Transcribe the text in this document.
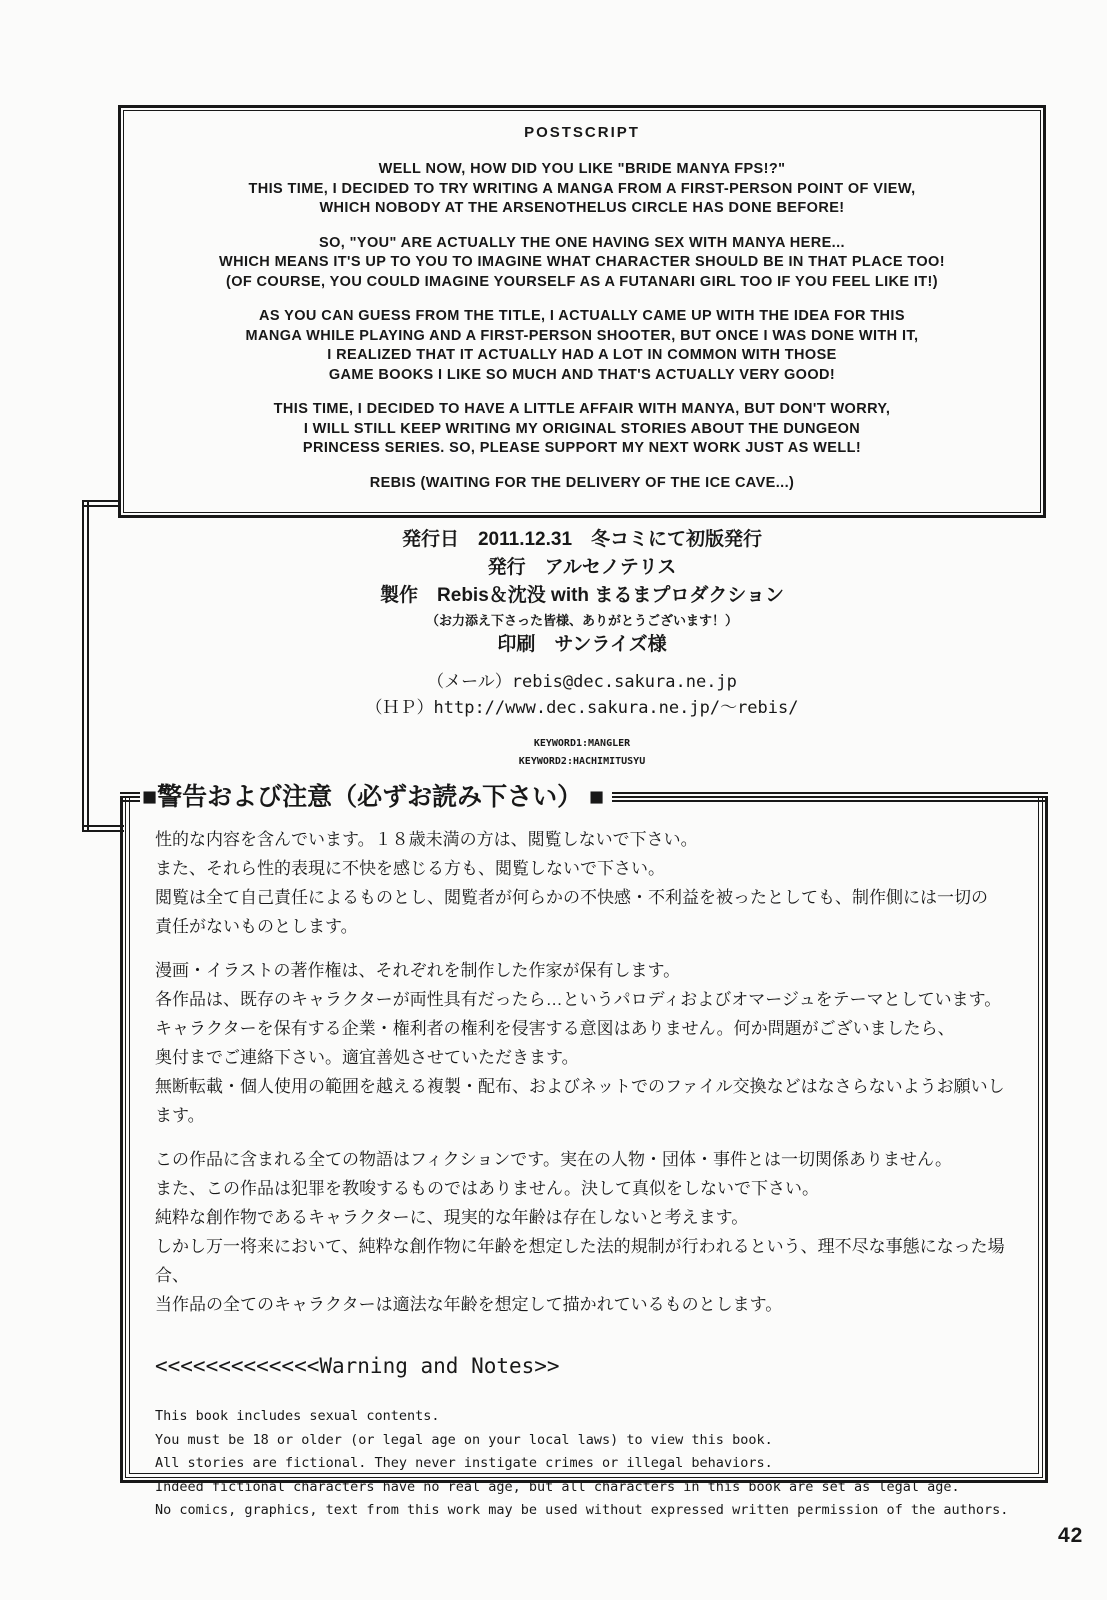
POSTSCRIPT

WELL NOW, HOW DID YOU LIKE "BRIDE MANYA FPS!?"
THIS TIME, I DECIDED TO TRY WRITING A MANGA FROM A FIRST-PERSON POINT OF VIEW,
WHICH NOBODY AT THE ARSENOTHELUS CIRCLE HAS DONE BEFORE!

SO, "YOU" ARE ACTUALLY THE ONE HAVING SEX WITH MANYA HERE...
WHICH MEANS IT'S UP TO YOU TO IMAGINE WHAT CHARACTER SHOULD BE IN THAT PLACE TOO!
(OF COURSE, YOU COULD IMAGINE YOURSELF AS A FUTANARI GIRL TOO IF YOU FEEL LIKE IT!)

AS YOU CAN GUESS FROM THE TITLE, I ACTUALLY CAME UP WITH THE IDEA FOR THIS
MANGA WHILE PLAYING AND A FIRST-PERSON SHOOTER, BUT ONCE I WAS DONE WITH IT,
I REALIZED THAT IT ACTUALLY HAD A LOT IN COMMON WITH THOSE
GAME BOOKS I LIKE SO MUCH AND THAT'S ACTUALLY VERY GOOD!

THIS TIME, I DECIDED TO HAVE A LITTLE AFFAIR WITH MANYA, BUT DON'T WORRY,
I WILL STILL KEEP WRITING MY ORIGINAL STORIES ABOUT THE DUNGEON
PRINCESS SERIES. SO, PLEASE SUPPORT MY NEXT WORK JUST AS WELL!

REBIS (WAITING FOR THE DELIVERY OF THE ICE CAVE...)

発行日　2011.12.31　冬コミにて初版発行
発行　アルセノテリス
製作　Rebis＆沈没 with まるまプロダクション
（お力添え下さった皆様、ありがとうございます！）
印刷　サンライズ様
（メール）rebis@dec.sakura.ne.jp
（ＨＰ）http://www.dec.sakura.ne.jp/～rebis/
KEYWORD1:MANGLER
KEYWORD2:HACHIMITUSYU
■警告および注意（必ずお読み下さい） ■

性的な内容を含んでいます。１８歳未満の方は、閲覧しないで下さい。
また、それら性的表現に不快を感じる方も、閲覧しないで下さい。
閲覧は全て自己責任によるものとし、閲覧者が何らかの不快感・不利益を被ったとしても、制作側には一切の
責任がないものとします。

漫画・イラストの著作権は、それぞれを制作した作家が保有します。
各作品は、既存のキャラクターが両性具有だったら…というパロディおよびオマージュをテーマとしています。
キャラクターを保有する企業・権利者の権利を侵害する意図はありません。何か問題がございましたら、
奥付までご連絡下さい。適宜善処させていただきます。
無断転載・個人使用の範囲を越える複製・配布、およびネットでのファイル交換などはなさらないようお願いします。

この作品に含まれる全ての物語はフィクションです。実在の人物・団体・事件とは一切関係ありません。
また、この作品は犯罪を教唆するものではありません。決して真似をしないで下さい。
純粋な創作物であるキャラクターに、現実的な年齢は存在しないと考えます。
しかし万一将来において、純粋な創作物に年齢を想定した法的規制が行われるという、理不尽な事態になった場合、
当作品の全てのキャラクターは適法な年齢を想定して描かれているものとします。

<<<<<<<<<<<<<Warning and Notes>>
This book includes sexual contents.
You must be 18 or older (or legal age on your local laws) to view this book.
All stories are fictional. They never instigate crimes or illegal behaviors.
Indeed fictional characters have no real age, but all characters in this book are set as legal age.
No comics, graphics, text from this work may be used without expressed written permission of the authors.
42
